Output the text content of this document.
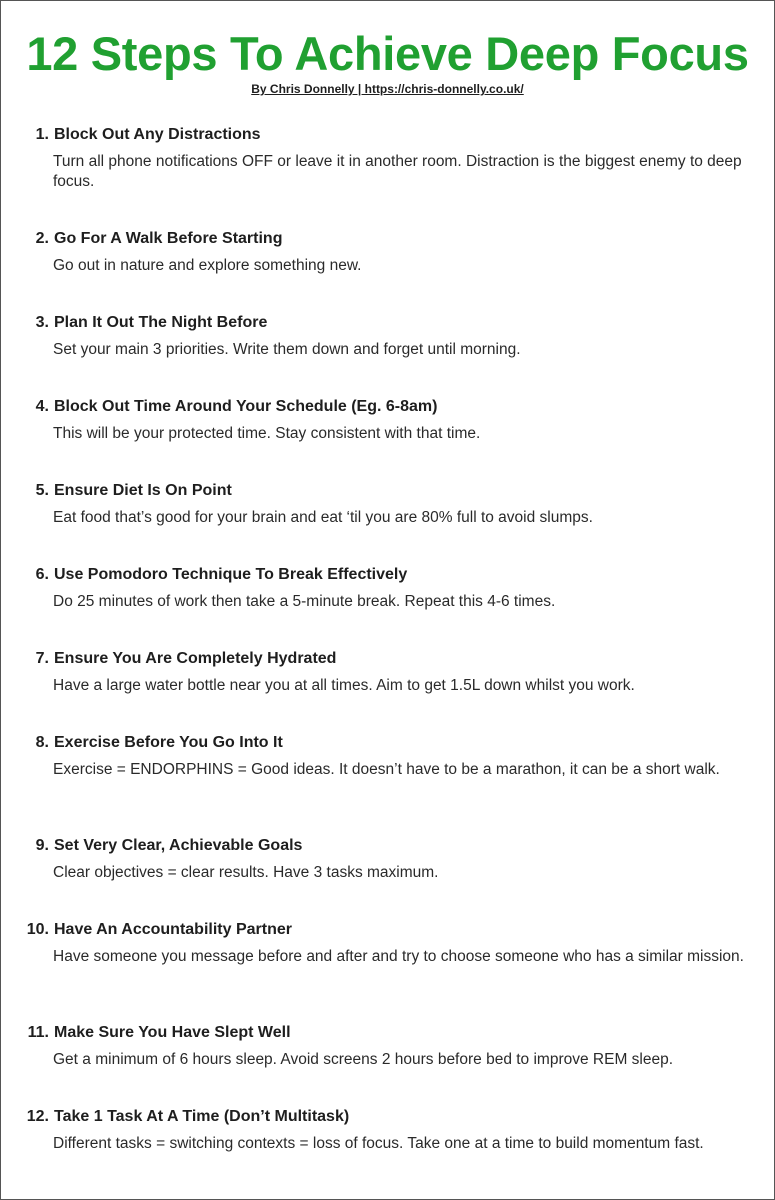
12 Steps To Achieve Deep Focus
By Chris Donnelly | https://chris-donnelly.co.uk/
1. Block Out Any Distractions
Turn all phone notifications OFF or leave it in another room. Distraction is the biggest enemy to deep focus.
2. Go For A Walk Before Starting
Go out in nature and explore something new.
3. Plan It Out The Night Before
Set your main 3 priorities. Write them down and forget until morning.
4. Block Out Time Around Your Schedule (Eg. 6-8am)
This will be your protected time. Stay consistent with that time.
5. Ensure Diet Is On Point
Eat food that’s good for your brain and eat ‘til you are 80% full to avoid slumps.
6. Use Pomodoro Technique To Break Effectively
Do 25 minutes of work then take a 5-minute break. Repeat this 4-6 times.
7. Ensure You Are Completely Hydrated
Have a large water bottle near you at all times. Aim to get 1.5L down whilst you work.
8. Exercise Before You Go Into It
Exercise = ENDORPHINS = Good ideas. It doesn’t have to be a marathon, it can be a short walk.
9. Set Very Clear, Achievable Goals
Clear objectives = clear results. Have 3 tasks maximum.
10. Have An Accountability Partner
Have someone you message before and after and try to choose someone who has a similar mission.
11. Make Sure You Have Slept Well
Get a minimum of 6 hours sleep. Avoid screens 2 hours before bed to improve REM sleep.
12. Take 1 Task At A Time (Don’t Multitask)
Different tasks = switching contexts = loss of focus. Take one at a time to build momentum fast.
